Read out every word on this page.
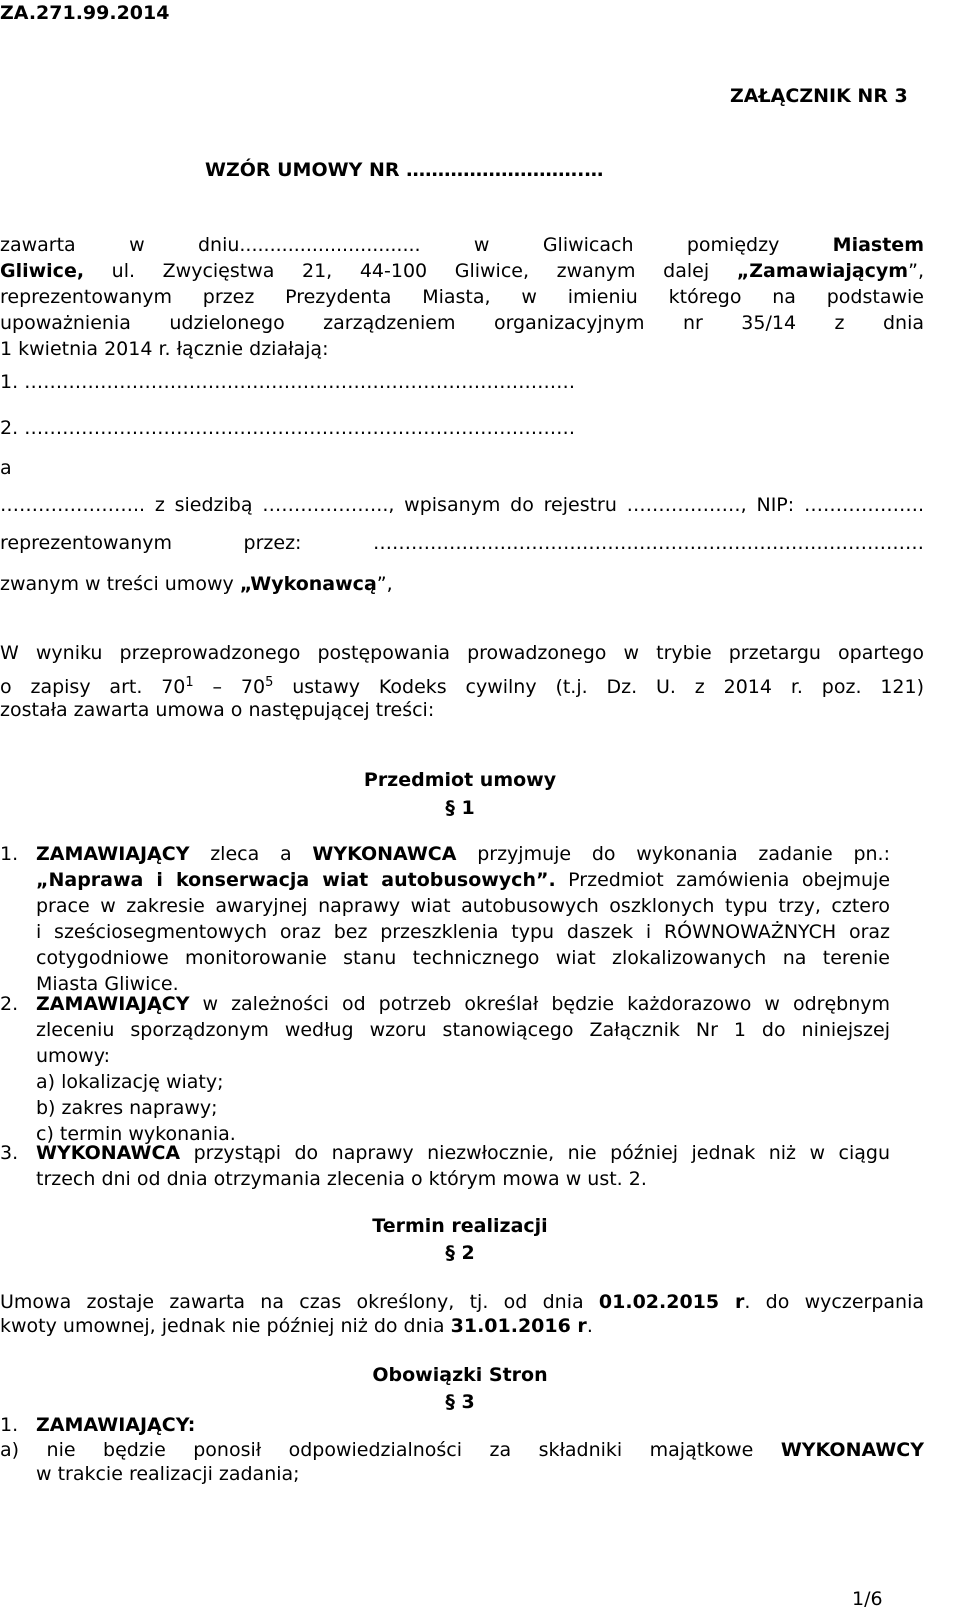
ZA.271.99.2014
ZAŁĄCZNIK NR 3
WZÓR UMOWY NR ……………………….…
zawarta w dniu.............................. w Gliwicach pomiędzy Miastem
Gliwice, ul. Zwycięstwa 21, 44-100 Gliwice, zwanym dalej „Zamawiającym”,
reprezentowanym przez Prezydenta Miasta, w imieniu którego na podstawie
upoważnienia udzielonego zarządzeniem organizacyjnym nr 35/14 z dnia
1 kwietnia 2014 r. łącznie działają:
1. ……………………………………………………………………………
2. ……………………………………………………………………………
a
………………….. z siedzibą ……………….., wpisanym do rejestru ………………, NIP: ……………….
reprezentowanym przez: ……………………………………………………………………………
zwanym w treści umowy „Wykonawcą”,
W wyniku przeprowadzonego postępowania prowadzonego w trybie przetargu opartego
o zapisy art. $70^1 - 70^5$ ustawy Kodeks cywilny (t.j. Dz. U. z 2014 r. poz. 121)
została zawarta umowa o następującej treści:
Przedmiot umowy
§ 1
1. ZAMAWIAJĄCY zleca a WYKONAWCA przyjmuje do wykonania zadanie pn.:
„Naprawa i konserwacja wiat autobusowych”. Przedmiot zamówienia obejmuje
prace w zakresie awaryjnej naprawy wiat autobusowych oszklonych typu trzy, cztero
i sześciosegmentowych oraz bez przeszklenia typu daszek i RÓWNOWAŻNYCH oraz
cotygodniowe monitorowanie stanu technicznego wiat zlokalizowanych na terenie
Miasta Gliwice.
2. ZAMAWIAJĄCY w zależności od potrzeb określał będzie każdorazowo w odrębnym
zleceniu sporządzonym według wzoru stanowiącego Załącznik Nr 1 do niniejszej
umowy:
a) lokalizację wiaty;
b) zakres naprawy;
c) termin wykonania.
3. WYKONAWCA przystąpi do naprawy niezwłocznie, nie później jednak niż w ciągu
trzech dni od dnia otrzymania zlecenia o którym mowa w ust. 2.
Termin realizacji
§ 2
Umowa zostaje zawarta na czas określony, tj. od dnia 01.02.2015 r. do wyczerpania
kwoty umownej, jednak nie później niż do dnia 31.01.2016 r.
Obowiązki Stron
§ 3
1. ZAMAWIAJĄCY:
a) nie będzie ponosił odpowiedzialności za składniki majątkowe WYKONAWCY
w trakcie realizacji zadania;
1/6
